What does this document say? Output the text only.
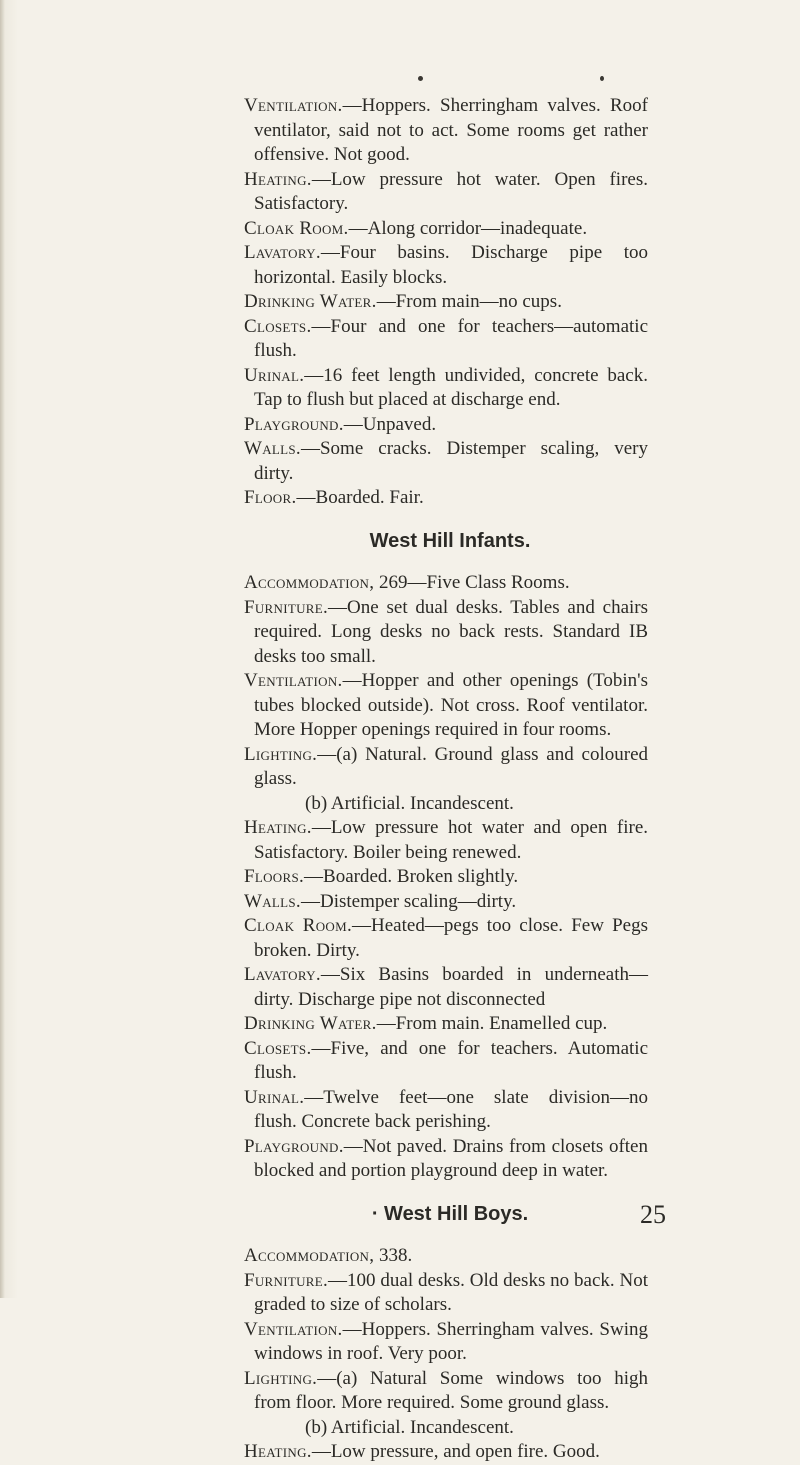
Ventilation.—Hoppers. Sherringham valves. Roof ventilator, said not to act. Some rooms get rather offensive. Not good.
Heating.—Low pressure hot water. Open fires. Satisfactory.
Cloak Room.—Along corridor—inadequate.
Lavatory.—Four basins. Discharge pipe too horizontal. Easily blocks.
Drinking Water.—From main—no cups.
Closets.—Four and one for teachers—automatic flush.
Urinal.—16 feet length undivided, concrete back. Tap to flush but placed at discharge end.
Playground.—Unpaved.
Walls.—Some cracks. Distemper scaling, very dirty.
Floor.—Boarded. Fair.
West Hill Infants.
Accommodation, 269—Five Class Rooms.
Furniture.—One set dual desks. Tables and chairs required. Long desks no back rests. Standard IB desks too small.
Ventilation.—Hopper and other openings (Tobin's tubes blocked outside). Not cross. Roof ventilator. More Hopper openings required in four rooms.
Lighting.—(a) Natural. Ground glass and coloured glass.
(b) Artificial. Incandescent.
Heating.—Low pressure hot water and open fire. Satisfactory. Boiler being renewed.
Floors.—Boarded. Broken slightly.
Walls.—Distemper scaling—dirty.
Cloak Room.—Heated—pegs too close. Few Pegs broken. Dirty.
Lavatory.—Six Basins boarded in underneath—dirty. Discharge pipe not disconnected
Drinking Water.—From main. Enamelled cup.
Closets.—Five, and one for teachers. Automatic flush.
Urinal.—Twelve feet—one slate division—no flush. Concrete back perishing.
Playground.—Not paved. Drains from closets often blocked and portion playground deep in water.
· West Hill Boys.
Accommodation, 338.
Furniture.—100 dual desks. Old desks no back. Not graded to size of scholars.
Ventilation.—Hoppers. Sherringham valves. Swing windows in roof. Very poor.
Lighting.—(a) Natural Some windows too high from floor. More required. Some ground glass.
(b) Artificial. Incandescent.
Heating.—Low pressure, and open fire. Good.
25
